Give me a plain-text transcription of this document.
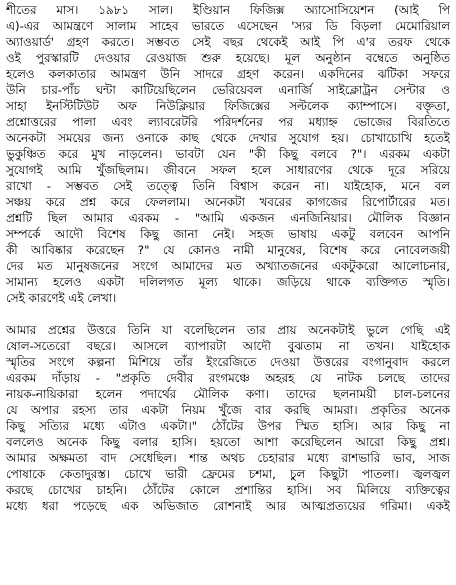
শীতের মাস। ১৯৮১ সাল। ইণ্ডিয়ান ফিজিক্স অ্যাসোসিয়েশন (আই পি
এ)-এর আমন্ত্রণে সালাম সাহেব ভারতে এসেছেন 'স্যর ডি বিড়লা মেমোরিয়াল
অ্যাওয়ার্ড' গ্রহণ করতে। সম্ভবত সেই বছর থেকেই আই পি এ'র তরফ থেকে
ওই পুরস্কারটি দেওয়ার রেওয়াজ শুরু হয়েছে। মূল অনুষ্ঠান বম্বেতে অনুষ্ঠিত
হলেও কলকাতার আমন্ত্রণ উনি সাদরে গ্রহণ করেন। একদিনের ঝটিকা সফরে
উনি চার-পাঁচ ঘন্টা কাটিয়েছিলেন ভেরিয়েবল এনার্জি সাইক্লোট্রন সেন্টার ও
সাহা ইনস্টিটিউট অফ নিউক্লিয়ার ফিজিক্সের সল্টলেক ক্যাম্পাসে। বক্তৃতা,
প্রশ্নোত্তরের পালা এবং ল্যাবরেটরি পরিদর্শনের পর মধ্যাহ্ন ভোজের বিরতিতে
অনেকটা সময়ের জন্য ওনাকে কাছ থেকে দেখার সুযোগ হয়। চোখাচোখি হতেই
ভুকুঞ্চিত করে মুখ নাড়লেন। ভাবটা যেন "কী কিছু বলবে ?"। এরকম একটা
সুযোগই আমি খুঁজছিলাম। জীবনে সফল হলে সাধারণের থেকে দূরে সরিয়ে
রাখো - সম্ভবত সেই তত্ত্বে তিনি বিশ্বাস করেন না। যাইহোক, মনে বল
সঞ্চয় করে প্রশ্ন করে ফেললাম। অনেকটা খবরের কাগজের রিপোর্টারের মত।
প্রশ্নটি ছিল আমার এরকম - "আমি একজন এনজিনিয়ার। মৌলিক বিজ্ঞান
সম্পর্কে আদৌ বিশেষ কিছু জানা নেই। সহজ ভাষায় একটু বলবেন আপনি
কী আবিষ্কার করেছেন ?" যে কোনও নামী মানুষের, বিশেষ করে নোবেলজয়ী
দের মত মানুষজনের সংগে আমাদের মত অখ্যাতজনের একটুকরো আলোচনার,
সামান্য হলেও একটা দলিলগত মূল্য থাকে। জড়িয়ে থাকে ব্যক্তিগত স্মৃতি।
সেই কারণেই এই লেখা।
আমার প্রশ্নের উত্তরে তিনি যা বলেছিলেন তার প্রায় অনেকটাই ভুলে গেছি এই
ষোল-সতেরো বছরে। আসলে ব্যাপারটা আদৌ বুঝতাম না তখন। যাইহোক
স্মৃতির সংগে কল্পনা মিশিয়ে তাঁর ইংরেজিতে দেওয়া উত্তরের বংগানুবাদ করলে
এরকম দাঁড়ায় - "প্রকৃতি দেবীর রংগমঞ্চে অহরহ যে নাটক চলছে তাদের
নায়ক-নায়িকারা হলেন পদার্থের মৌলিক কণা। তাদের ছলনাময়ী চাল-চলনের
যে অপার রহস্য তার একটা নিয়ম খুঁজে বার করছি আমরা। প্রকৃতির অনেক
কিছু সত্যির মধ্যে এটাও একটা।" ঠোঁটের উপর স্মিত হাসি। আর কিছু না
বললেও অনেক কিছু বলার হাসি। হয়তো আশা করেছিলেন আরো কিছু প্রশ্ন।
আমার অক্ষমতা বাদ সেধেছিল। শান্ত অথচ চেহারার মধ্যে রাশভারি ভাব, সাজ
পোষাকে কেতাদুরস্ত। চোখে ভারী ফ্রেমের চশমা, চুল কিছুটা পাতলা। জ্বলজ্বল
করছে চোখের চাহনি। ঠোঁটের কোলে প্রশান্তির হাসি। সব মিলিয়ে ব্যক্তিত্বের
মধ্যে ধরা পড়েছে এক অভিজাত রোশনাই আর আত্মপ্রত্যয়ের গরিমা। একই
